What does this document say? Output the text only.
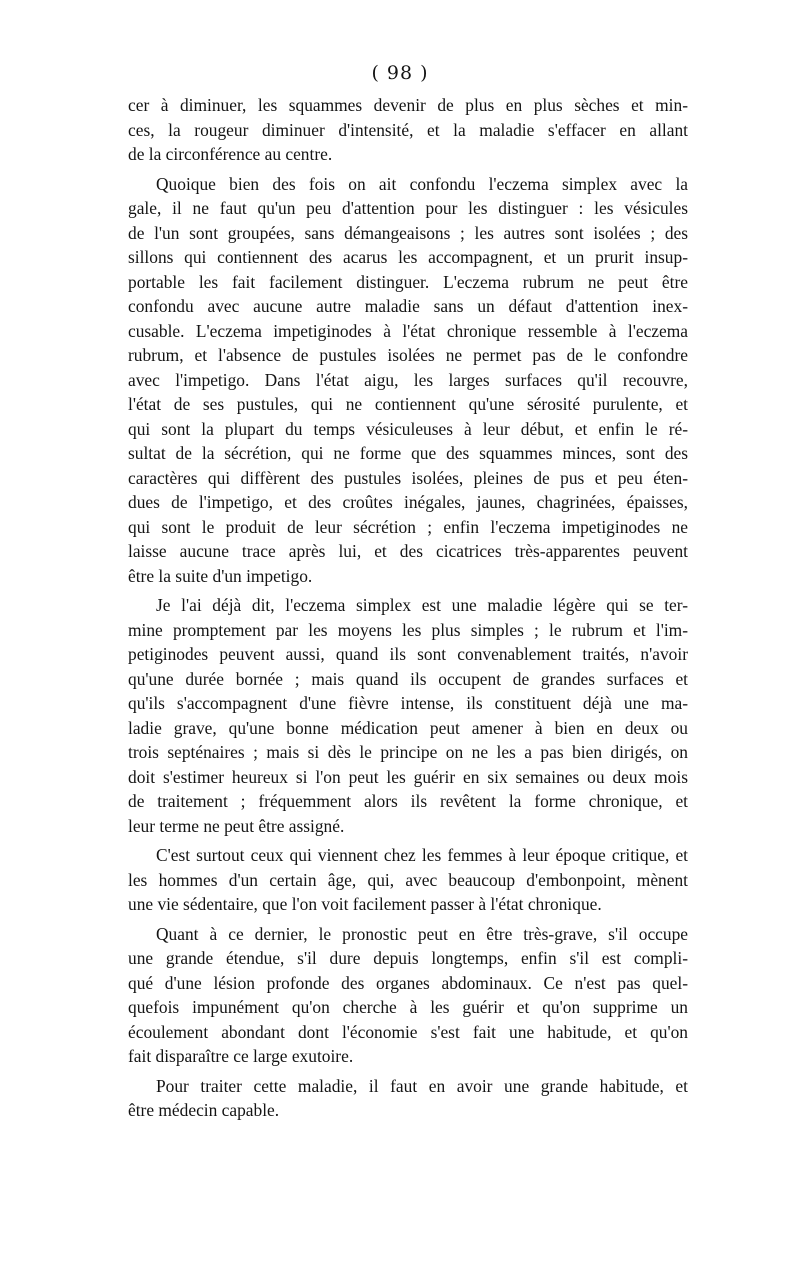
( 98 )
cer à diminuer, les squammes devenir de plus en plus sèches et min-
ces, la rougeur diminuer d'intensité, et la maladie s'effacer en allant
de la circonférence au centre.
Quoique bien des fois on ait confondu l'eczema simplex avec la
gale, il ne faut qu'un peu d'attention pour les distinguer : les vésicules
de l'un sont groupées, sans démangeaisons ; les autres sont isolées ; des
sillons qui contiennent des acarus les accompagnent, et un prurit insup-
portable les fait facilement distinguer. L'eczema rubrum ne peut être
confondu avec aucune autre maladie sans un défaut d'attention inex-
cusable. L'eczema impetiginodes à l'état chronique ressemble à l'eczema
rubrum, et l'absence de pustules isolées ne permet pas de le confondre
avec l'impetigo. Dans l'état aigu, les larges surfaces qu'il recouvre,
l'état de ses pustules, qui ne contiennent qu'une sérosité purulente, et
qui sont la plupart du temps vésiculeuses à leur début, et enfin le ré-
sultat de la sécrétion, qui ne forme que des squammes minces, sont des
caractères qui diffèrent des pustules isolées, pleines de pus et peu éten-
dues de l'impetigo, et des croûtes inégales, jaunes, chagrinées, épaisses,
qui sont le produit de leur sécrétion ; enfin l'eczema impetiginodes ne
laisse aucune trace après lui, et des cicatrices très-apparentes peuvent
être la suite d'un impetigo.
Je l'ai déjà dit, l'eczema simplex est une maladie légère qui se ter-
mine promptement par les moyens les plus simples ; le rubrum et l'im-
petiginodes peuvent aussi, quand ils sont convenablement traités, n'avoir
qu'une durée bornée ; mais quand ils occupent de grandes surfaces et
qu'ils s'accompagnent d'une fièvre intense, ils constituent déjà une ma-
ladie grave, qu'une bonne médication peut amener à bien en deux ou
trois septénaires ; mais si dès le principe on ne les a pas bien dirigés, on
doit s'estimer heureux si l'on peut les guérir en six semaines ou deux mois
de traitement ; fréquemment alors ils revêtent la forme chronique, et
leur terme ne peut être assigné.
C'est surtout ceux qui viennent chez les femmes à leur époque critique, et
les hommes d'un certain âge, qui, avec beaucoup d'embonpoint, mènent
une vie sédentaire, que l'on voit facilement passer à l'état chronique.
Quant à ce dernier, le pronostic peut en être très-grave, s'il occupe
une grande étendue, s'il dure depuis longtemps, enfin s'il est compli-
qué d'une lésion profonde des organes abdominaux. Ce n'est pas quel-
quefois impunément qu'on cherche à les guérir et qu'on supprime un
écoulement abondant dont l'économie s'est fait une habitude, et qu'on
fait disparaître ce large exutoire.
Pour traiter cette maladie, il faut en avoir une grande habitude, et
être médecin capable.
